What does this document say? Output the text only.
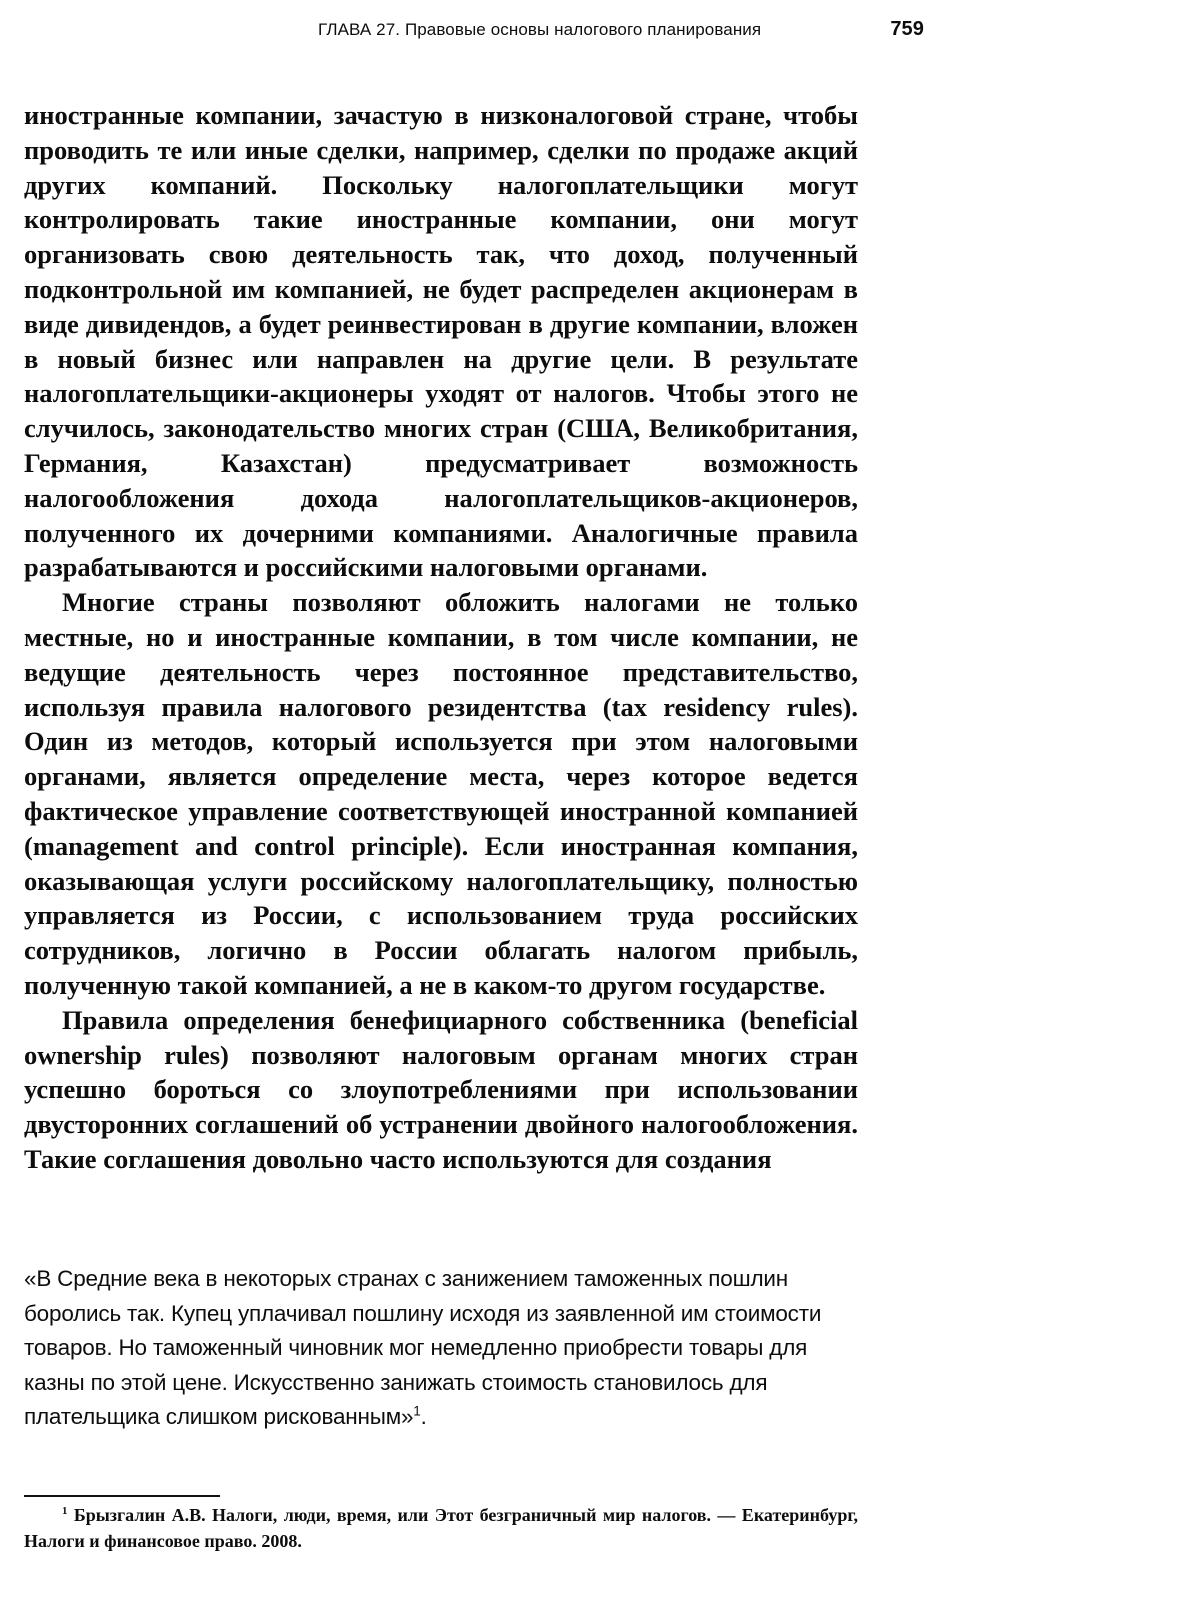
ГЛАВА 27. Правовые основы налогового планирования	759

иностранные компании, зачастую в низконалоговой стране, чтобы проводить те или иные сделки, например, сделки по продаже акций других компаний. Поскольку налогоплательщики могут контролировать такие иностранные компании, они могут организовать свою деятельность так, что доход, полученный подконтрольной им компанией, не будет распределен акционерам в виде дивидендов, а будет реинвестирован в другие компании, вложен в новый бизнес или направлен на другие цели. В результате налогоплательщики-акционеры уходят от налогов. Чтобы этого не случилось, законодательство многих стран (США, Великобритания, Германия, Казахстан) предусматривает возможность налогообложения дохода налогоплательщиков-акционеров, полученного их дочерними компаниями. Аналогичные правила разрабатываются и российскими налоговыми органами.

Многие страны позволяют обложить налогами не только местные, но и иностранные компании, в том числе компании, не ведущие деятельность через постоянное представительство, используя правила налогового резидентства (tax residency rules). Один из методов, который используется при этом налоговыми органами, является определение места, через которое ведется фактическое управление соответствующей иностранной компанией (management and control principle). Если иностранная компания, оказывающая услуги российскому налогоплательщику, полностью управляется из России, с использованием труда российских сотрудников, логично в России облагать налогом прибыль, полученную такой компанией, а не в каком-то другом государстве.

Правила определения бенефициарного собственника (beneficial ownership rules) позволяют налоговым органам многих стран успешно бороться со злоупотреблениями при использовании двусторонних соглашений об устранении двойного налогообложения. Такие соглашения довольно часто используются для создания

«В Средние века в некоторых странах с занижением таможенных пошлин боролись так. Купец уплачивал пошлину исходя из заявленной им стоимости товаров. Но таможенный чиновник мог немедленно приобрести товары для казны по этой цене. Искусственно занижать стоимость становилось для плательщика слишком рискованным»$^1$.
$^1$ Брызгалин А.В. Налоги, люди, время, или Этот безграничный мир налогов. — Екатеринбург, Налоги и финансовое право. 2008.
